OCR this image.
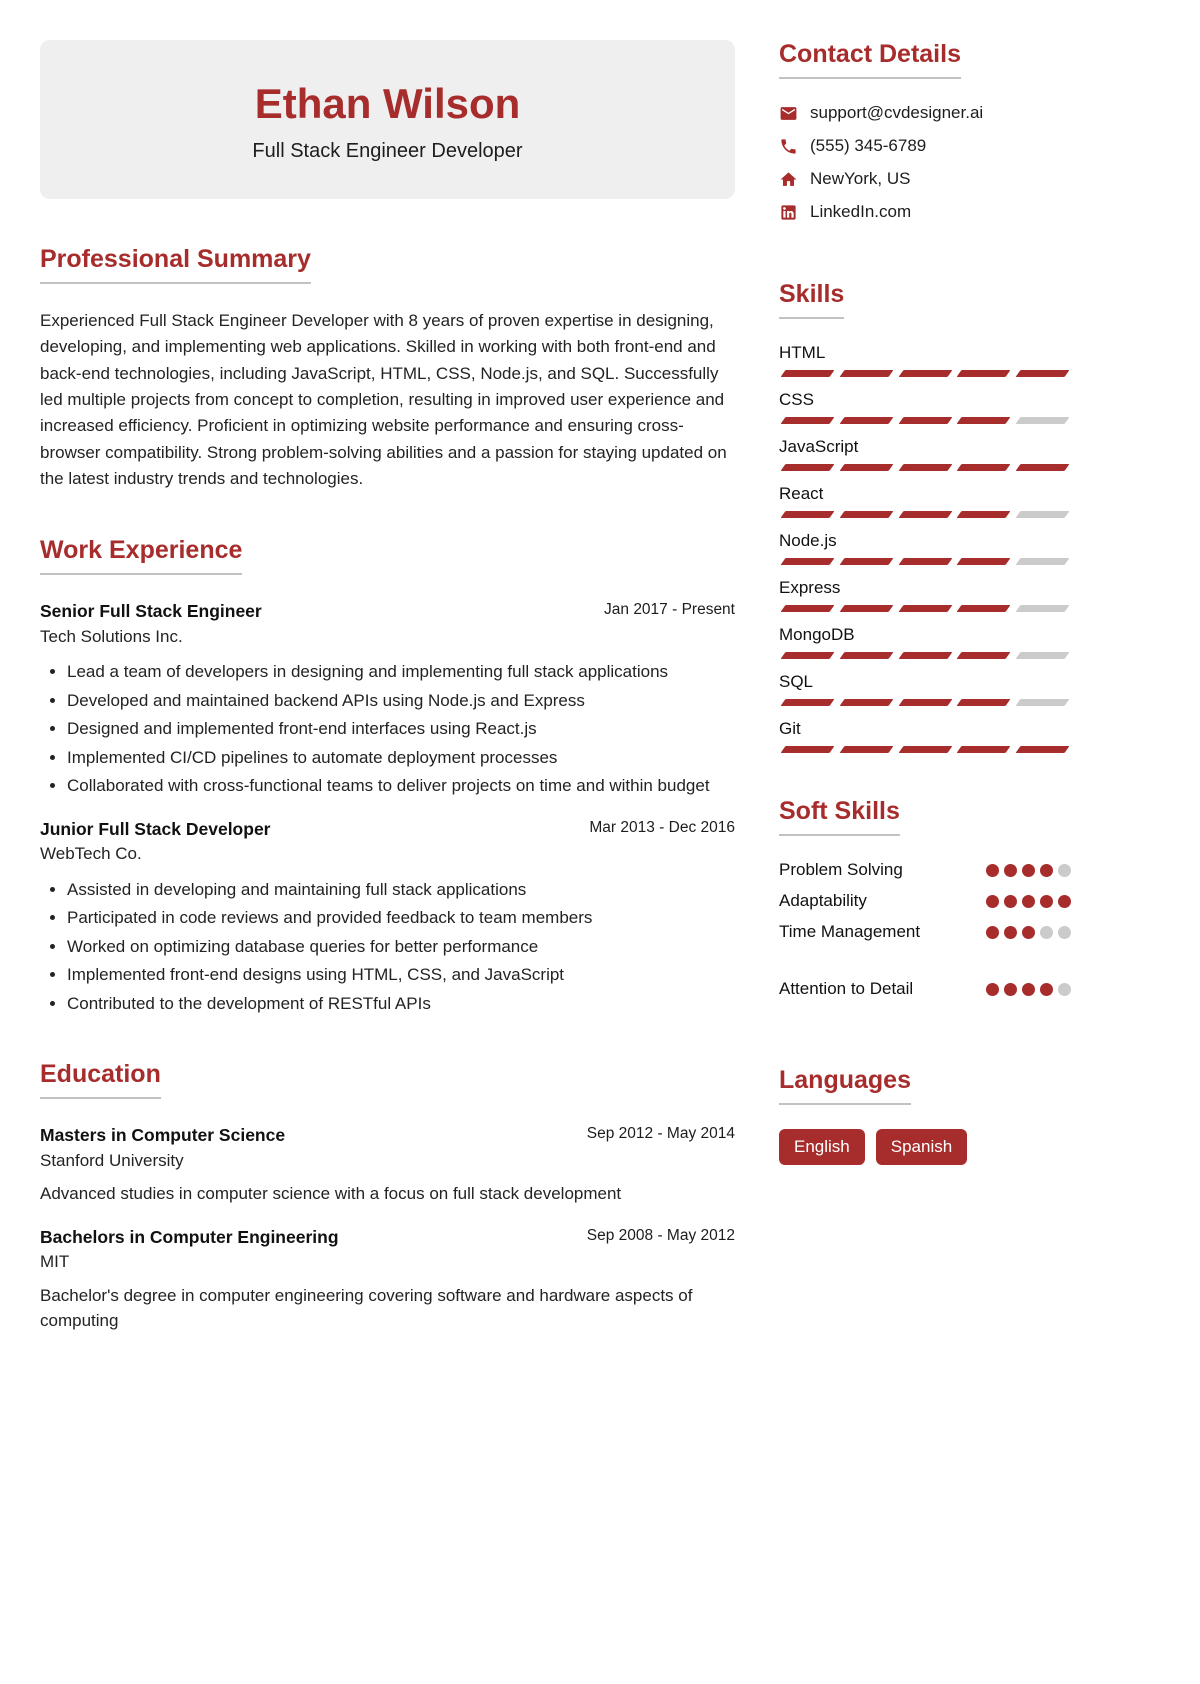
Ethan Wilson

Full Stack Engineer Developer

Professional Summary

Experienced Full Stack Engineer Developer with 8 years of proven expertise in designing, developing, and implementing web applications. Skilled in working with both front-end and back-end technologies, including JavaScript, HTML, CSS, Node.js, and SQL. Successfully led multiple projects from concept to completion, resulting in improved user experience and increased efficiency. Proficient in optimizing website performance and ensuring cross-browser compatibility. Strong problem-solving abilities and a passion for staying updated on the latest industry trends and technologies.

Work Experience
Senior Full Stack Engineer
Tech Solutions Inc.
Jan 2017 - Present
• Lead a team of developers in designing and implementing full stack applications
• Developed and maintained backend APIs using Node.js and Express
• Designed and implemented front-end interfaces using React.js
• Implemented CI/CD pipelines to automate deployment processes
• Collaborated with cross-functional teams to deliver projects on time and within budget
Junior Full Stack Developer
WebTech Co.
Mar 2013 - Dec 2016
• Assisted in developing and maintaining full stack applications
• Participated in code reviews and provided feedback to team members
• Worked on optimizing database queries for better performance
• Implemented front-end designs using HTML, CSS, and JavaScript
• Contributed to the development of RESTful APIs
Education
Masters in Computer Science
Stanford University
Sep 2012 - May 2014

Advanced studies in computer science with a focus on full stack development

Bachelors in Computer Engineering
MIT
Sep 2008 - May 2012

Bachelor's degree in computer engineering covering software and hardware aspects of computing

Contact Details
support@cvdesigner.ai
(555) 345-6789
NewYork, US
LinkedIn.com
Skills
HTML
CSS
JavaScript
React
Node.js
Express
MongoDB
SQL
Git
Soft Skills
Problem Solving
Adaptability
Time Management
Attention to Detail
Languages
English	Spanish
